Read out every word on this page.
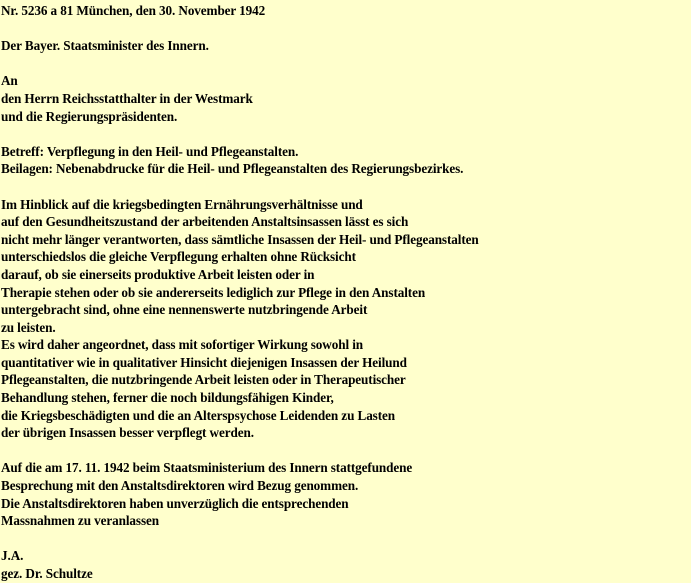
Nr. 5236 a 81 München, den 30. November 1942
Der Bayer. Staatsminister des Innern.
An
den Herrn Reichsstatthalter in der Westmark
und die Regierungspräsidenten.
Betreff: Verpflegung in den Heil- und Pflegeanstalten.
Beilagen: Nebenabdrucke für die Heil- und Pflegeanstalten des Regierungsbezirkes.
Im Hinblick auf die kriegsbedingten Ernährungsverhältnisse und
auf den Gesundheitszustand der arbeitenden Anstaltsinsassen lässt es sich
nicht mehr länger verantworten, dass sämtliche Insassen der Heil- und Pflegeanstalten
unterschiedslos die gleiche Verpflegung erhalten ohne Rücksicht
darauf, ob sie einerseits produktive Arbeit leisten oder in
Therapie stehen oder ob sie andererseits lediglich zur Pflege in den Anstalten
untergebracht sind, ohne eine nennenswerte nutzbringende Arbeit
zu leisten.
Es wird daher angeordnet, dass mit sofortiger Wirkung sowohl in
quantitativer wie in qualitativer Hinsicht diejenigen Insassen der Heilund
Pflegeanstalten, die nutzbringende Arbeit leisten oder in Therapeutischer
Behandlung stehen, ferner die noch bildungsfähigen Kinder,
die Kriegsbeschädigten und die an Alterspsychose Leidenden zu Lasten
der übrigen Insassen besser verpflegt werden.
Auf die am 17. 11. 1942 beim Staatsministerium des Innern stattgefundene
Besprechung mit den Anstaltsdirektoren wird Bezug genommen.
Die Anstaltsdirektoren haben unverzüglich die entsprechenden
Massnahmen zu veranlassen
J.A.
gez. Dr. Schultze
